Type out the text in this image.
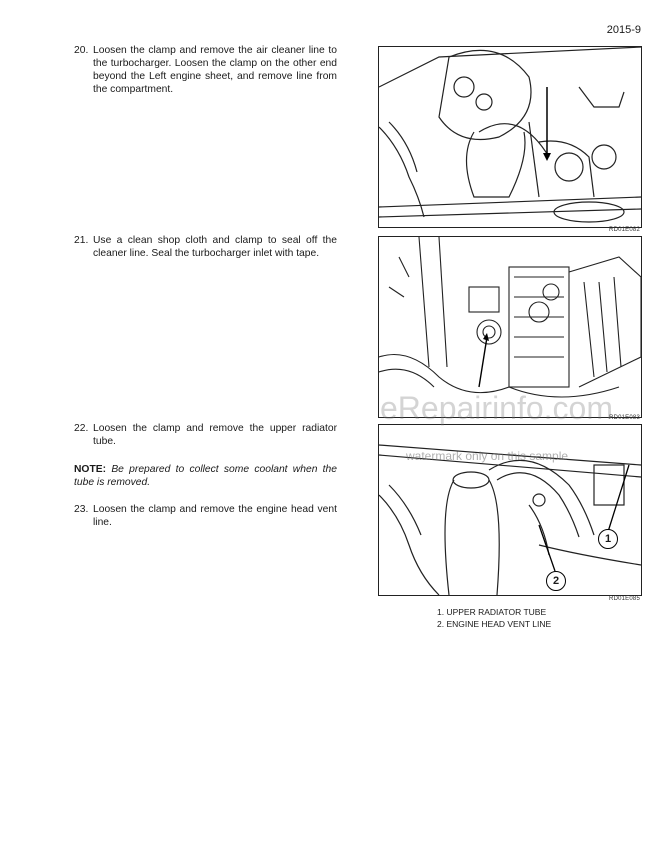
2015-9
20. Loosen the clamp and remove the air cleaner line to the turbocharger. Loosen the clamp on the other end beyond the Left engine sheet, and remove line from the compartment.
21. Use a clean shop cloth and clamp to seal off the cleaner line. Seal the turbocharger inlet with tape.
22. Loosen the clamp and remove the upper radiator tube.
NOTE: Be prepared to collect some coolant when the tube is removed.
23. Loosen the clamp and remove the engine head vent line.
RD01E082
RD01E083
1
2
RD01E085
1. UPPER RADIATOR TUBE
2. ENGINE HEAD VENT LINE
eRepairinfo.com
watermark only on this sample
